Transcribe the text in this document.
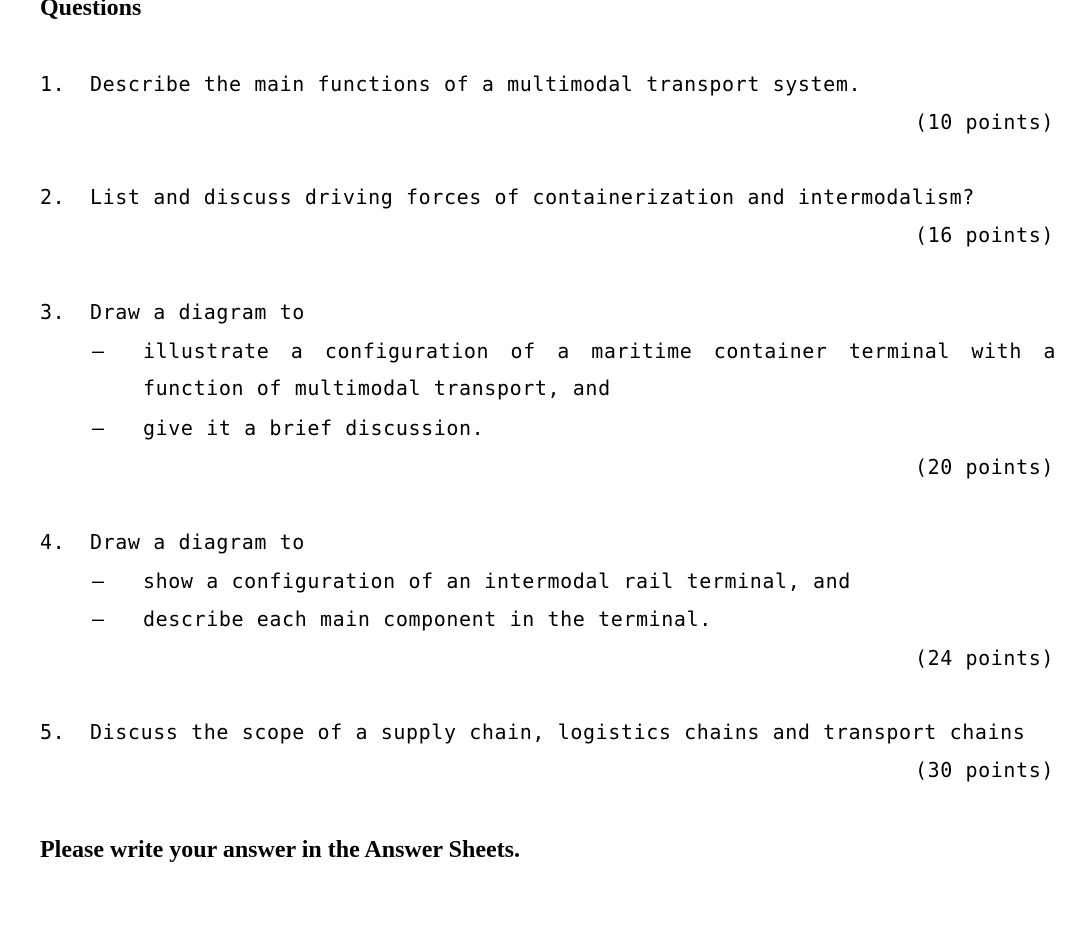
Questions
1. Describe the main functions of a multimodal transport system.
(10 points)
2. List and discuss driving forces of containerization and intermodalism?
(16 points)
3. Draw a diagram to
– illustrate a configuration of a maritime container terminal with a
function of multimodal transport, and
– give it a brief discussion.
(20 points)
4. Draw a diagram to
– show a configuration of an intermodal rail terminal, and
– describe each main component in the terminal.
(24 points)
5. Discuss the scope of a supply chain, logistics chains and transport chains
(30 points)

Please write your answer in the Answer Sheets.
